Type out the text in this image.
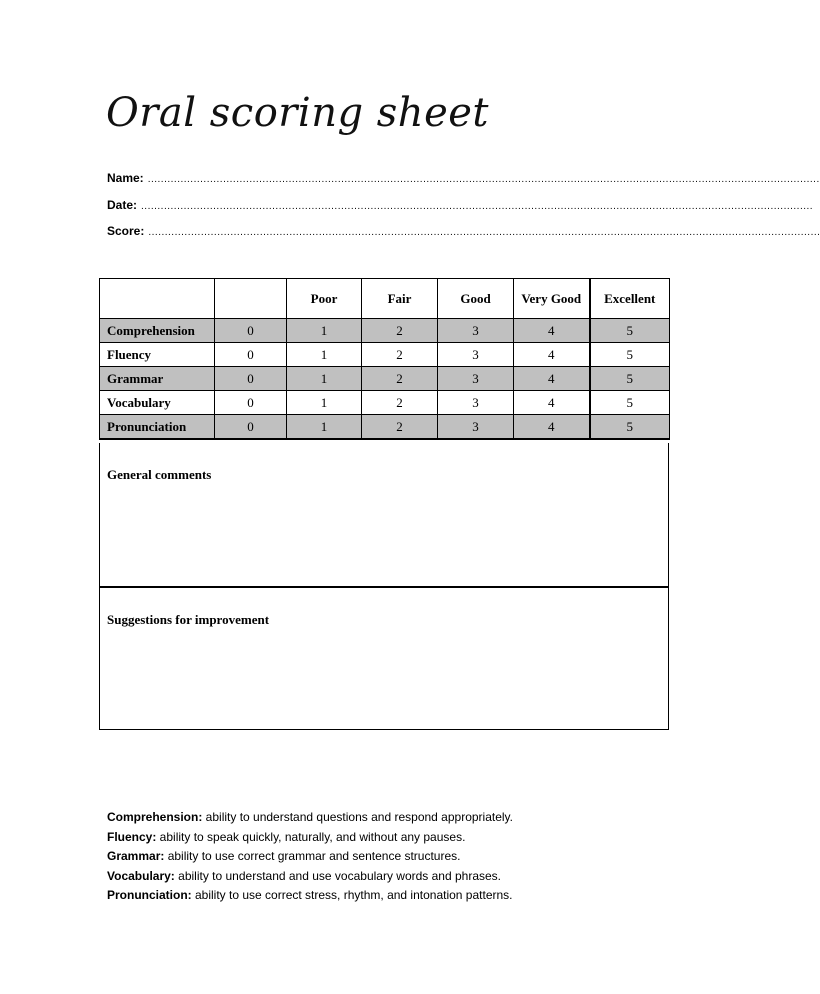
Oral scoring sheet
Name: .............................................................................................................................................................................................................
Date: .............................................................................................................................................................................................................
Score: .............................................................................................................................................................................................................
		Poor	Fair	Good	Very Good	Excellent
Comprehension	0	1	2	3	4	5
Fluency	0	1	2	3	4	5
Grammar	0	1	2	3	4	5
Vocabulary	0	1	2	3	4	5
Pronunciation	0	1	2	3	4	5
General comments
Suggestions for improvement
Comprehension: ability to understand questions and respond appropriately.
Fluency: ability to speak quickly, naturally, and without any pauses.
Grammar: ability to use correct grammar and sentence structures.
Vocabulary: ability to understand and use vocabulary words and phrases.
Pronunciation: ability to use correct stress, rhythm, and intonation patterns.
